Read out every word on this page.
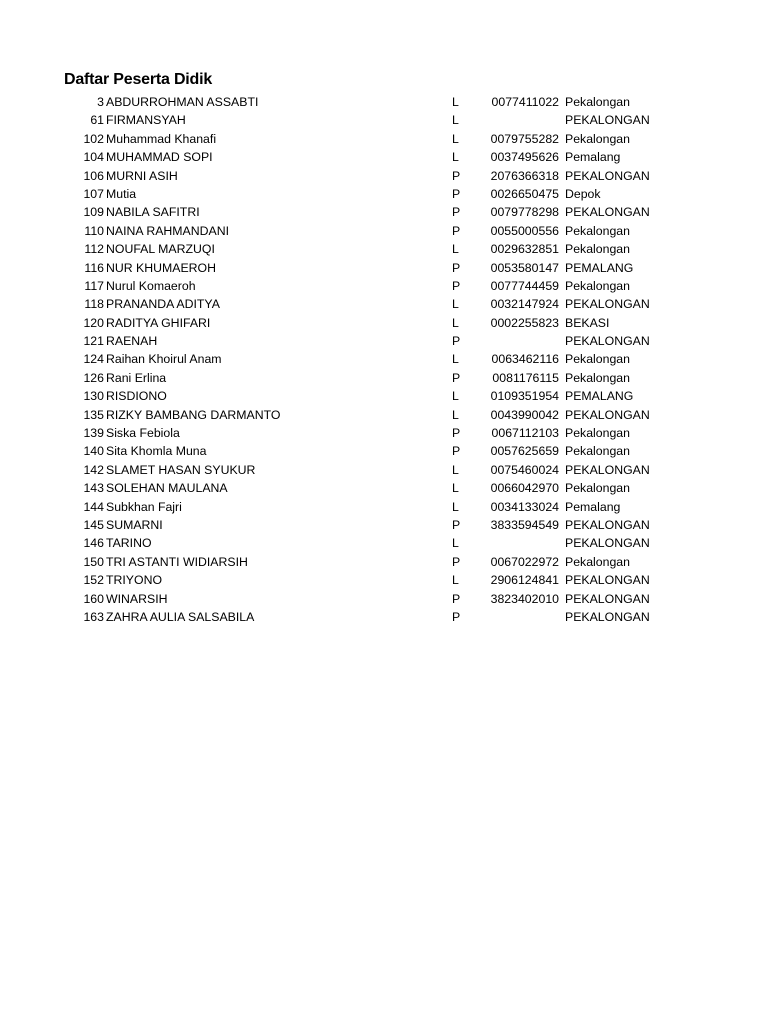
Daftar Peserta Didik
3 ABDURROHMAN ASSABTI	L	0077411022 Pekalongan
61 FIRMANSYAH	L	PEKALONGAN
102 Muhammad Khanafi	L	0079755282 Pekalongan
104 MUHAMMAD SOPI	L	0037495626 Pemalang
106 MURNI ASIH	P 2076366318 PEKALONGAN
107 Mutia	P 0026650475 Depok
109 NABILA SAFITRI	P 0079778298 PEKALONGAN
110 NAINA RAHMANDANI	P 0055000556 Pekalongan
112 NOUFAL MARZUQI	L	0029632851 Pekalongan
116 NUR KHUMAEROH	P 0053580147 PEMALANG
117 Nurul Komaeroh	P 0077744459 Pekalongan
118 PRANANDA ADITYA	L	0032147924 PEKALONGAN
120 RADITYA GHIFARI	L	0002255823 BEKASI
121 RAENAH	P	PEKALONGAN
124 Raihan Khoirul Anam	L	0063462116 Pekalongan
126 Rani Erlina	P	0081176115 Pekalongan
130 RISDIONO	L	0109351954 PEMALANG
135 RIZKY BAMBANG DARMANTO	L	0043990042 PEKALONGAN
139 Siska Febiola	P	0067112103 Pekalongan
140 Sita Khomla Muna	P 0057625659 Pekalongan
142 SLAMET HASAN SYUKUR	L	0075460024 PEKALONGAN
143 SOLEHAN MAULANA	L	0066042970 Pekalongan
144 Subkhan Fajri	L	0034133024 Pemalang
145 SUMARNI	P 3833594549 PEKALONGAN
146 TARINO	L	PEKALONGAN
150 TRI ASTANTI WIDIARSIH	P 0067022972 Pekalongan
152 TRIYONO	L	2906124841 PEKALONGAN
160 WINARSIH	P 3823402010 PEKALONGAN
163 ZAHRA AULIA SALSABILA	P	PEKALONGAN
